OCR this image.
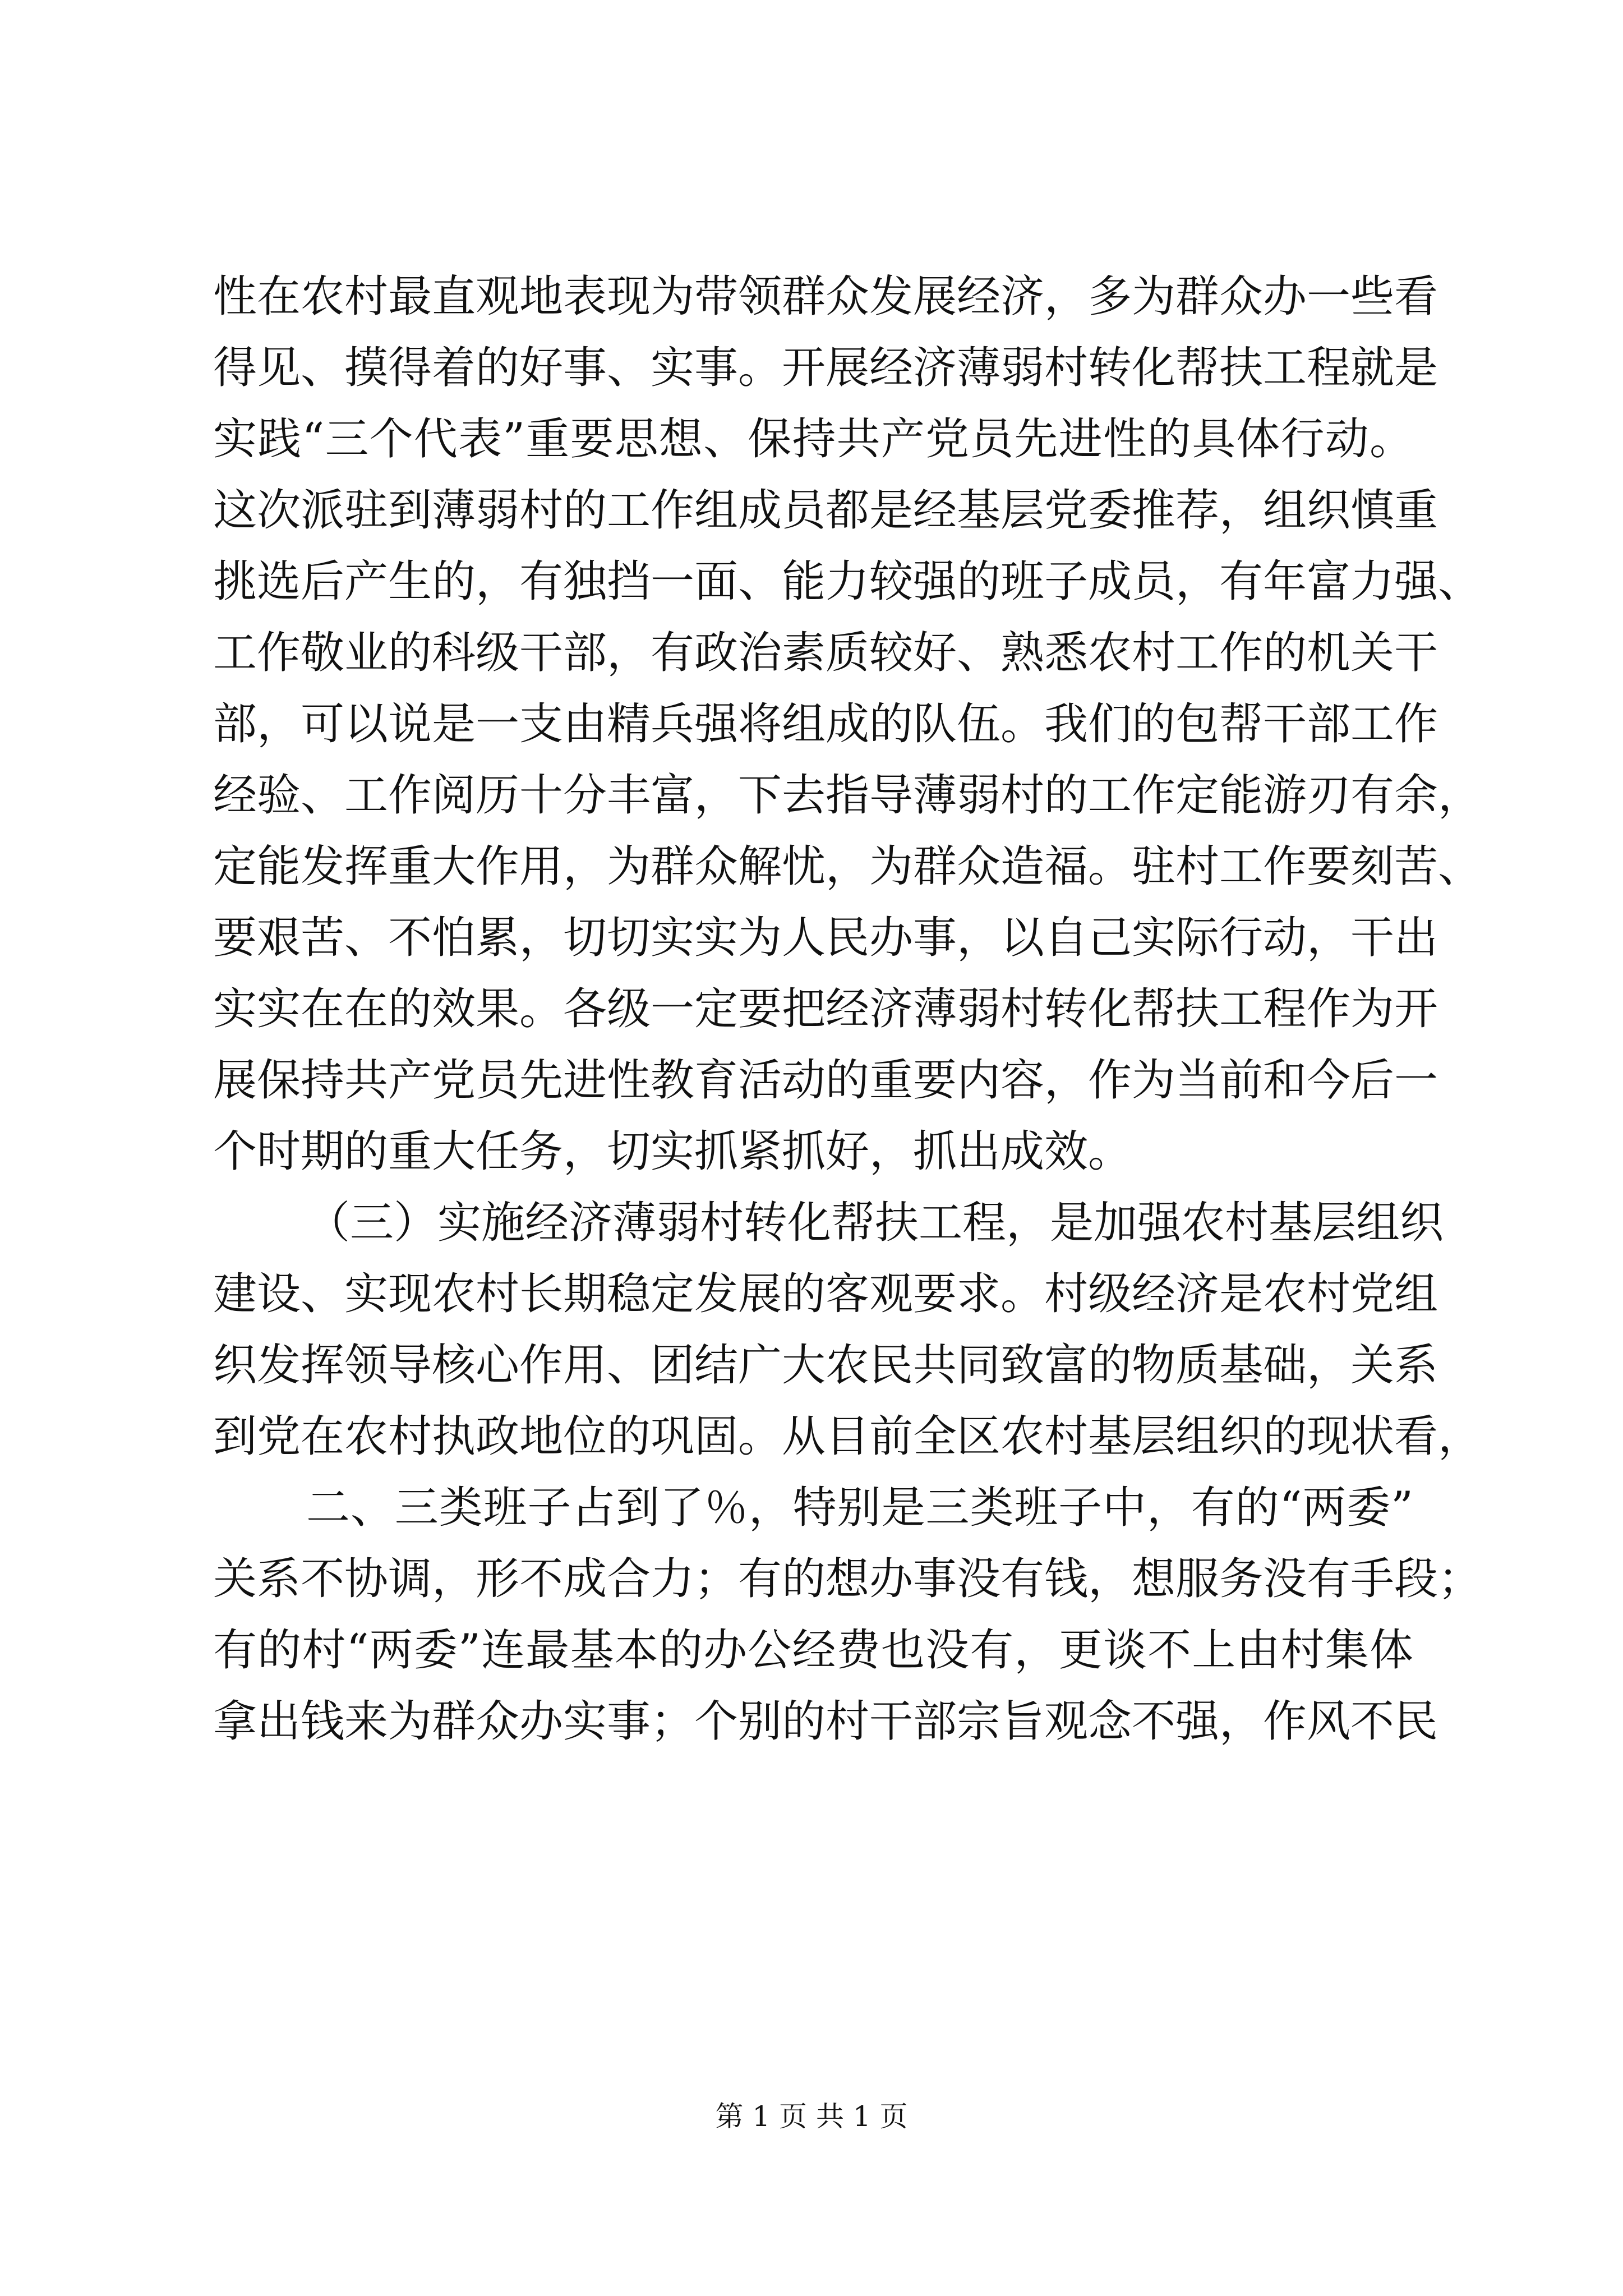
性在农村最直观地表现为带领群众发展经济，多为群众办一些看
得见、摸得着的好事、实事。开展经济薄弱村转化帮扶工程就是
实践“三个代表”重要思想、保持共产党员先进性的具体行动。
这次派驻到薄弱村的工作组成员都是经基层党委推荐，组织慎重
挑选后产生的，有独挡一面、能力较强的班子成员，有年富力强、
工作敬业的科级干部，有政治素质较好、熟悉农村工作的机关干
部，可以说是一支由精兵强将组成的队伍。我们的包帮干部工作
经验、工作阅历十分丰富，下去指导薄弱村的工作定能游刃有余，
定能发挥重大作用，为群众解忧，为群众造福。驻村工作要刻苦、
要艰苦、不怕累，切切实实为人民办事，以自己实际行动，干出
实实在在的效果。各级一定要把经济薄弱村转化帮扶工程作为开
展保持共产党员先进性教育活动的重要内容，作为当前和今后一
个时期的重大任务，切实抓紧抓好，抓出成效。
（三）实施经济薄弱村转化帮扶工程，是加强农村基层组织
建设、实现农村长期稳定发展的客观要求。村级经济是农村党组
织发挥领导核心作用、团结广大农民共同致富的物质基础，关系
到党在农村执政地位的巩固。从目前全区农村基层组织的现状看，
二、三类班子占到了％，特别是三类班子中，有的“两委”
关系不协调，形不成合力；有的想办事没有钱，想服务没有手段；
有的村“两委”连最基本的办公经费也没有，更谈不上由村集体
拿出钱来为群众办实事；个别的村干部宗旨观念不强，作风不民
第 1 页 共 1 页
